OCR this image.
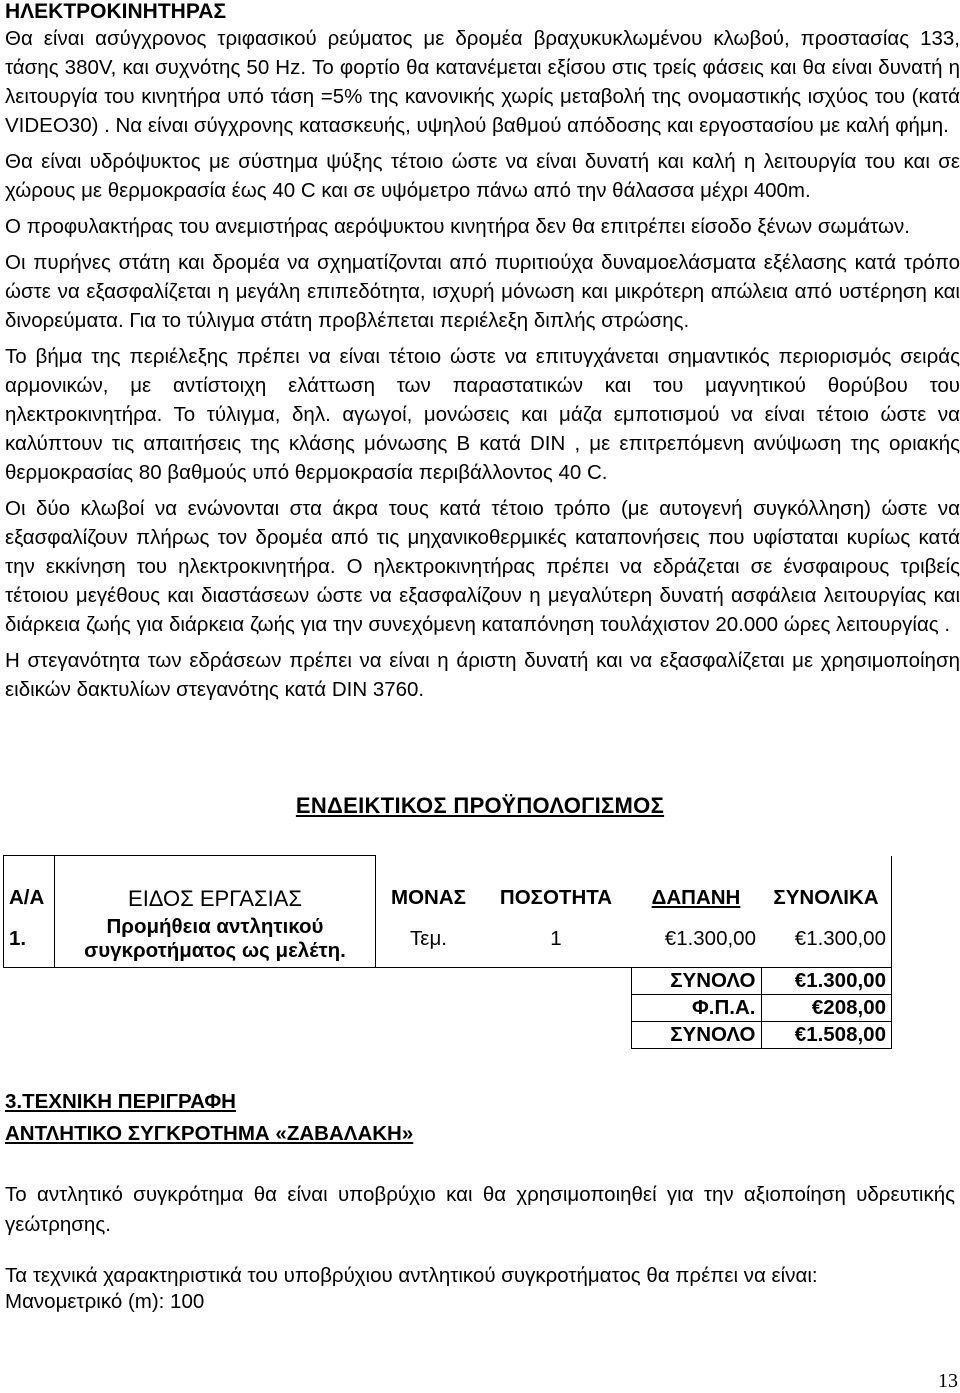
ΗΛΕΚΤΡΟΚΙΝΗΤΗΡΑΣ

Θα είναι ασύγχρονος τριφασικού ρεύματος με δρομέα βραχυκυκλωμένου κλωβού, προστασίας 133, τάσης 380V, και συχνότης 50 Hz. Το φορτίο θα κατανέμεται εξίσου στις τρείς φάσεις και θα είναι δυνατή η λειτουργία του κινητήρα υπό τάση =5% της κανονικής χωρίς μεταβολή της ονομαστικής ισχύος του (κατά VIDEO30) . Να είναι σύγχρονης κατασκευής, υψηλού βαθμού απόδοσης και εργοστασίου με καλή φήμη.

Θα είναι υδρόψυκτος με σύστημα ψύξης τέτοιο ώστε να είναι δυνατή και καλή η λειτουργία του και σε χώρους με θερμοκρασία έως 40 C και σε υψόμετρο πάνω από την θάλασσα μέχρι 400m.

Ο προφυλακτήρας του ανεμιστήρας αερόψυκτου κινητήρα δεν θα επιτρέπει είσοδο ξένων σωμάτων.

Οι πυρήνες στάτη και δρομέα να σχηματίζονται από πυριτιούχα δυναμοελάσματα εξέλασης κατά τρόπο ώστε να εξασφαλίζεται η μεγάλη επιπεδότητα, ισχυρή μόνωση και μικρότερη απώλεια από υστέρηση και δινορεύματα. Για το τύλιγμα στάτη προβλέπεται περιέλεξη διπλής στρώσης.

Το βήμα της περιέλεξης πρέπει να είναι τέτοιο ώστε να επιτυγχάνεται σημαντικός περιορισμός σειράς αρμονικών, με αντίστοιχη ελάττωση των παραστατικών και του μαγνητικού θορύβου του ηλεκτροκινητήρα. Το τύλιγμα, δηλ. αγωγοί, μονώσεις και μάζα εμποτισμού να είναι τέτοιο ώστε να καλύπτουν τις απαιτήσεις της κλάσης μόνωσης Β κατά DIN , με επιτρεπόμενη ανύψωση της οριακής θερμοκρασίας 80 βαθμούς υπό θερμοκρασία περιβάλλοντος 40 C.

Οι δύο κλωβοί να ενώνονται στα άκρα τους κατά τέτοιο τρόπο (με αυτογενή συγκόλληση) ώστε να εξασφαλίζουν πλήρως τον δρομέα από τις μηχανικοθερμικές καταπονήσεις που υφίσταται κυρίως κατά την εκκίνηση του ηλεκτροκινητήρα. Ο ηλεκτροκινητήρας πρέπει να εδράζεται σε ένσφαιρους τριβείς τέτοιου μεγέθους και διαστάσεων ώστε να εξασφαλίζουν η μεγαλύτερη δυνατή ασφάλεια λειτουργίας και διάρκεια ζωής για διάρκεια ζωής για την συνεχόμενη καταπόνηση τουλάχιστον 20.000 ώρες λειτουργίας .

Η στεγανότητα των εδράσεων πρέπει να είναι η άριστη δυνατή και να εξασφαλίζεται με χρησιμοποίηση ειδικών δακτυλίων στεγανότης κατά DIN 3760.

ΕΝΔΕΙΚΤΙΚΟΣ ΠΡΟΫΠΟΛΟΓΙΣΜΟΣ
Α/Α	ΕΙΔΟΣ ΕΡΓΑΣΙΑΣ	ΜΟΝΑΣ	ΠΟΣΟΤΗΤΑ	ΔΑΠΑΝΗ	ΣΥΝΟΛΙΚΑ
1.	Προμήθεια αντλητικού συγκροτήματος ως μελέτη.	Τεμ.	1	€1.300,00	€1.300,00
				ΣΥΝΟΛΟ	€1.300,00
				Φ.Π.Α.	€208,00
				ΣΥΝΟΛΟ	€1.508,00
3.ΤΕΧΝΙΚΗ ΠΕΡΙΓΡΑΦΗ
ΑΝΤΛΗΤΙΚΟ ΣΥΓΚΡΟΤΗΜΑ «ΖΑΒΑΛΑΚΗ»

Το αντλητικό συγκρότημα θα είναι υποβρύχιο και θα χρησιμοποιηθεί για την αξιοποίηση υδρευτικής γεώτρησης.

Τα τεχνικά χαρακτηριστικά του υποβρύχιου αντλητικού συγκροτήματος θα πρέπει να είναι:

Μανομετρικό (m): 100

13
